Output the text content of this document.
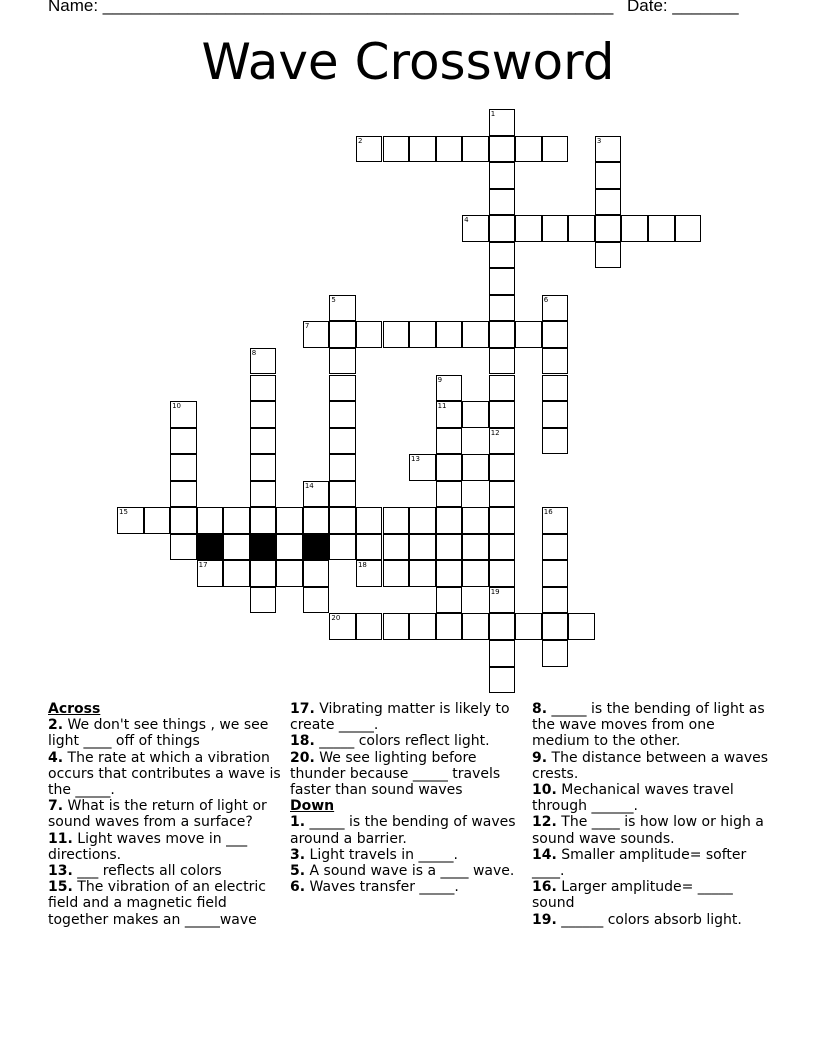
Name: ______________________________________________________ Date: _______
Wave Crossword
1
2	3
4
5	6
7
8
9
10	11
12
13
14
15	16
17	18
19
20
Across
2. We don't see things , we see light ____ off of things
4. The rate at which a vibration occurs that contributes a wave is the _____.
7. What is the return of light or sound waves from a surface?
11. Light waves move in ___ directions.
13. ___ reflects all colors
15. The vibration of an electric field and a magnetic field together makes an _____wave
17. Vibrating matter is likely to create _____.
18. _____ colors reflect light.
20. We see lighting before thunder because _____ travels faster than sound waves
Down
1. _____ is the bending of waves around a barrier.
3. Light travels in _____.
5. A sound wave is a ____ wave.
6. Waves transfer _____.
8. _____ is the bending of light as the wave moves from one medium to the other.
9. The distance between a waves crests.
10. Mechanical waves travel through ______.
12. The ____ is how low or high a sound wave sounds.
14. Smaller amplitude= softer ____.
16. Larger amplitude= _____ sound
19. ______ colors absorb light.
